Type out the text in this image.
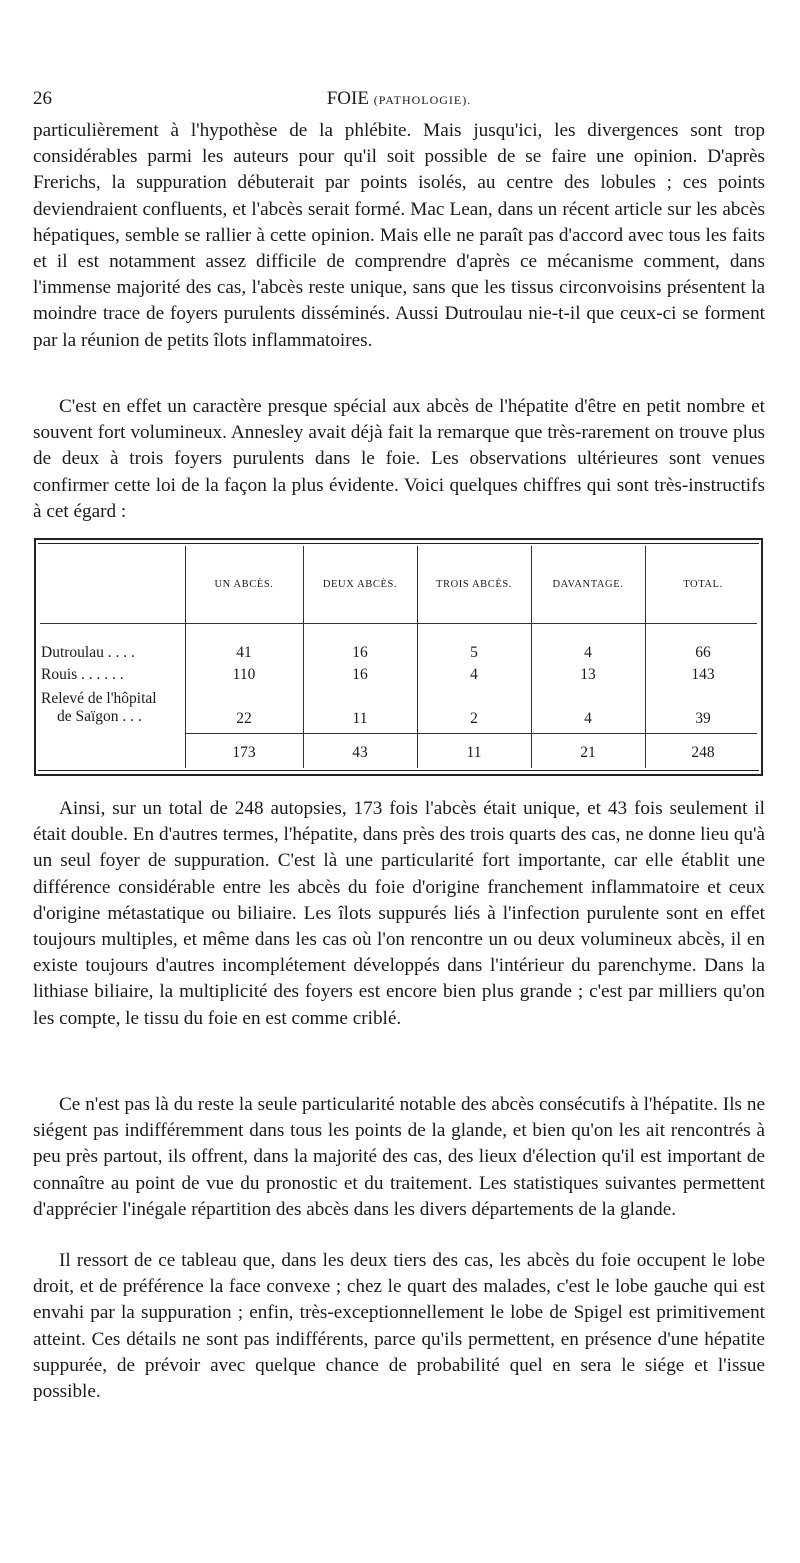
26	FOIE (PATHOLOGIE).

particulièrement à l'hypothèse de la phlébite. Mais jusqu'ici, les divergences sont trop considérables parmi les auteurs pour qu'il soit possible de se faire une opinion. D'après Frerichs, la suppuration débuterait par points isolés, au centre des lobules ; ces points deviendraient confluents, et l'abcès serait formé. Mac Lean, dans un récent article sur les abcès hépatiques, semble se rallier à cette opinion. Mais elle ne paraît pas d'accord avec tous les faits et il est notamment assez difficile de comprendre d'après ce mécanisme comment, dans l'immense majorité des cas, l'abcès reste unique, sans que les tissus circonvoisins présentent la moindre trace de foyers purulents disséminés. Aussi Dutroulau nie-t-il que ceux-ci se forment par la réunion de petits îlots inflammatoires.

C'est en effet un caractère presque spécial aux abcès de l'hépatite d'être en petit nombre et souvent fort volumineux. Annesley avait déjà fait la remarque que très-rarement on trouve plus de deux à trois foyers purulents dans le foie. Les observations ultérieures sont venues confirmer cette loi de la façon la plus évidente. Voici quelques chiffres qui sont très-instructifs à cet égard :

UN ABCÈS.	DEUX ABCÈS.	TROIS ABCÈS.	DAVANTAGE.	TOTAL.
Dutroulau . . . .	41	16	5	4	66
Rouis . . . . . .	110	16	4	13	143
Relevé de l'hôpital
de Saïgon . . .	22	11	2	4	39
173	43	11	21	248

Ainsi, sur un total de 248 autopsies, 173 fois l'abcès était unique, et 43 fois seulement il était double. En d'autres termes, l'hépatite, dans près des trois quarts des cas, ne donne lieu qu'à un seul foyer de suppuration. C'est là une particularité fort importante, car elle établit une différence considérable entre les abcès du foie d'origine franchement inflammatoire et ceux d'origine métastatique ou biliaire. Les îlots suppurés liés à l'infection purulente sont en effet toujours multiples, et même dans les cas où l'on rencontre un ou deux volumineux abcès, il en existe toujours d'autres incomplétement développés dans l'intérieur du parenchyme. Dans la lithiase biliaire, la multiplicité des foyers est encore bien plus grande ; c'est par milliers qu'on les compte, le tissu du foie en est comme criblé.

Ce n'est pas là du reste la seule particularité notable des abcès consécutifs à l'hépatite. Ils ne siégent pas indifféremment dans tous les points de la glande, et bien qu'on les ait rencontrés à peu près partout, ils offrent, dans la majorité des cas, des lieux d'élection qu'il est important de connaître au point de vue du pronostic et du traitement. Les statistiques suivantes permettent d'apprécier l'inégale répartition des abcès dans les divers départements de la glande.

Il ressort de ce tableau que, dans les deux tiers des cas, les abcès du foie occupent le lobe droit, et de préférence la face convexe ; chez le quart des malades, c'est le lobe gauche qui est envahi par la suppuration ; enfin, très-exceptionnellement le lobe de Spigel est primitivement atteint. Ces détails ne sont pas indifférents, parce qu'ils permettent, en présence d'une hépatite suppurée, de prévoir avec quelque chance de probabilité quel en sera le siége et l'issue possible.
